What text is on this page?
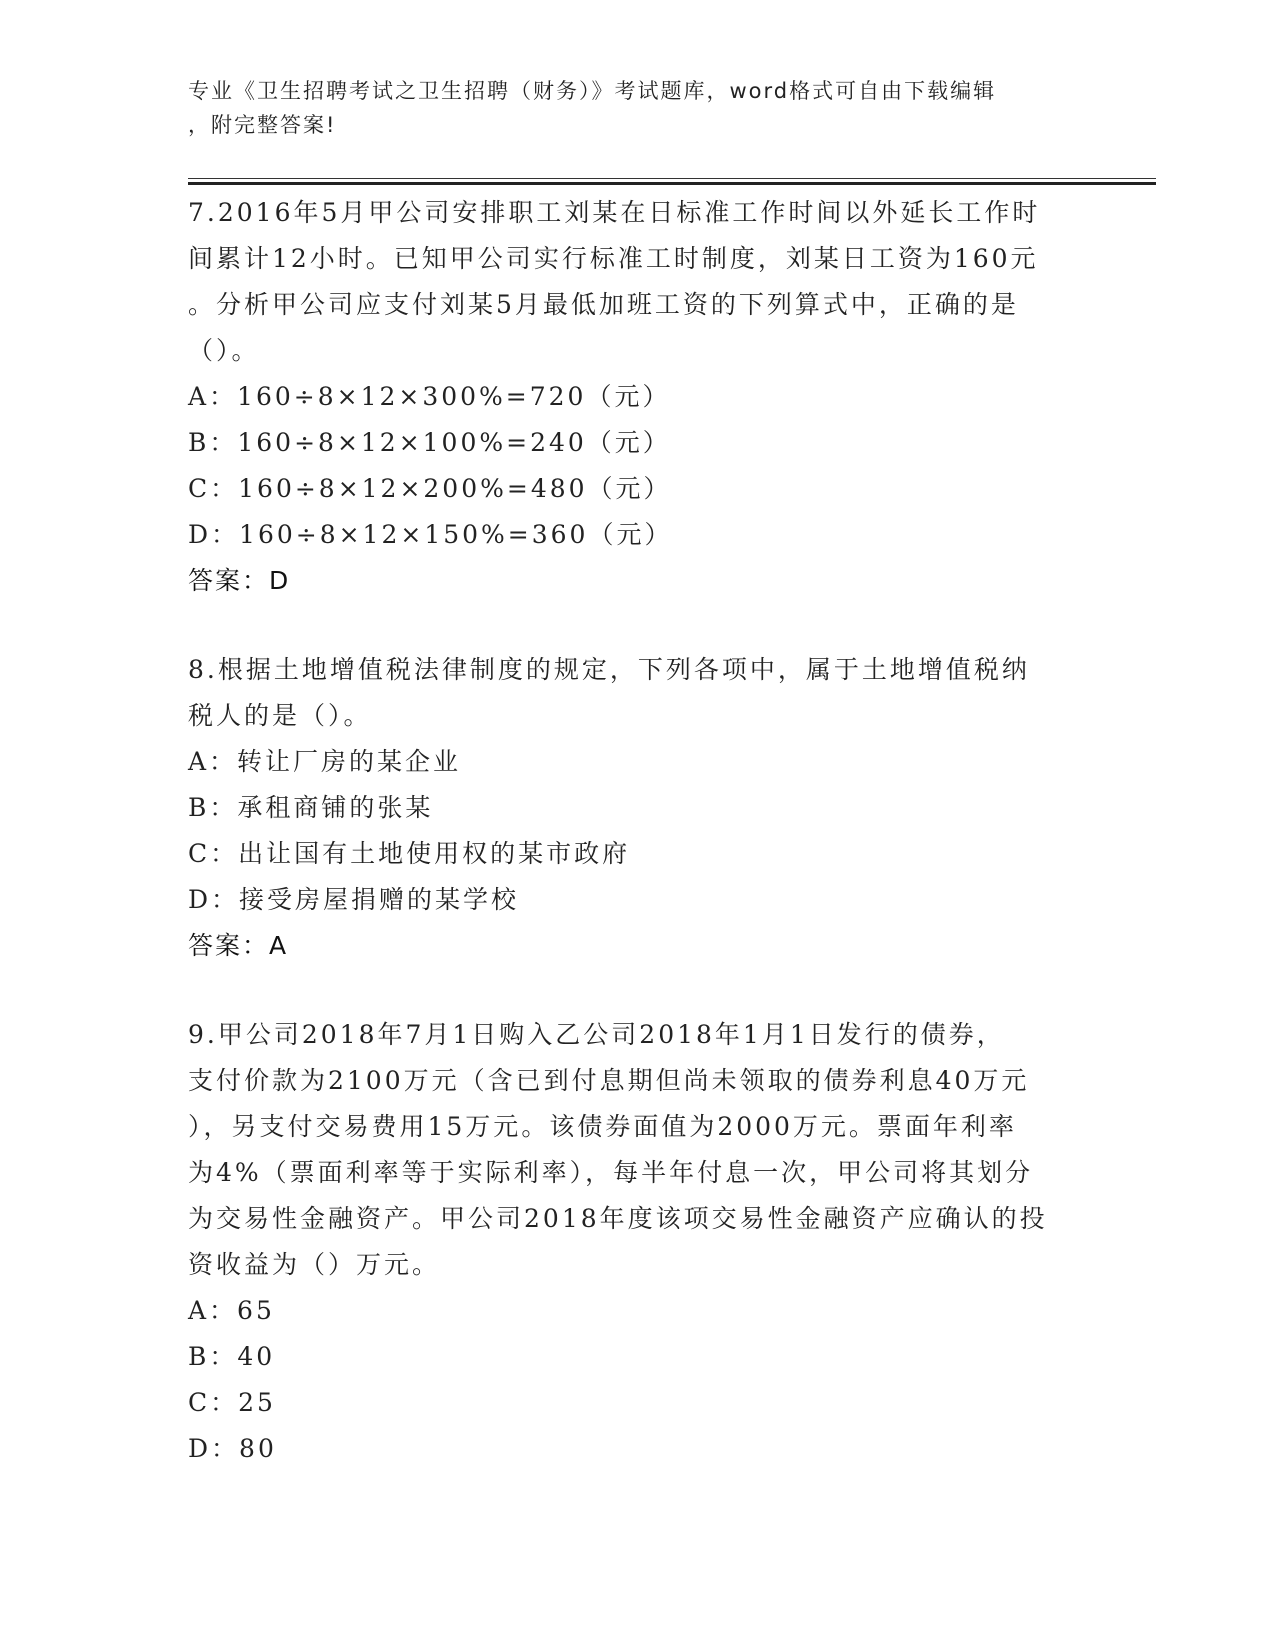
专业《卫生招聘考试之卫生招聘（财务）》考试题库，word格式可自由下载编辑
，附完整答案!
7.2016年5月甲公司安排职工刘某在日标准工作时间以外延长工作时
间累计12小时。已知甲公司实行标准工时制度，刘某日工资为160元
。分析甲公司应支付刘某5月最低加班工资的下列算式中，正确的是
（）。
A：160÷8×12×300%=720（元）
B：160÷8×12×100%=240（元）
C：160÷8×12×200%=480（元）
D：160÷8×12×150%=360（元）
答案：D
8.根据土地增值税法律制度的规定，下列各项中，属于土地增值税纳
税人的是（）。
A：转让厂房的某企业
B：承租商铺的张某
C：出让国有土地使用权的某市政府
D：接受房屋捐赠的某学校
答案：A
9.甲公司2018年7月1日购入乙公司2018年1月1日发行的债券，
支付价款为2100万元（含已到付息期但尚未领取的债券利息40万元
），另支付交易费用15万元。该债券面值为2000万元。票面年利率
为4%（票面利率等于实际利率），每半年付息一次，甲公司将其划分
为交易性金融资产。甲公司2018年度该项交易性金融资产应确认的投
资收益为（）万元。
A：65
B：40
C：25
D：80
